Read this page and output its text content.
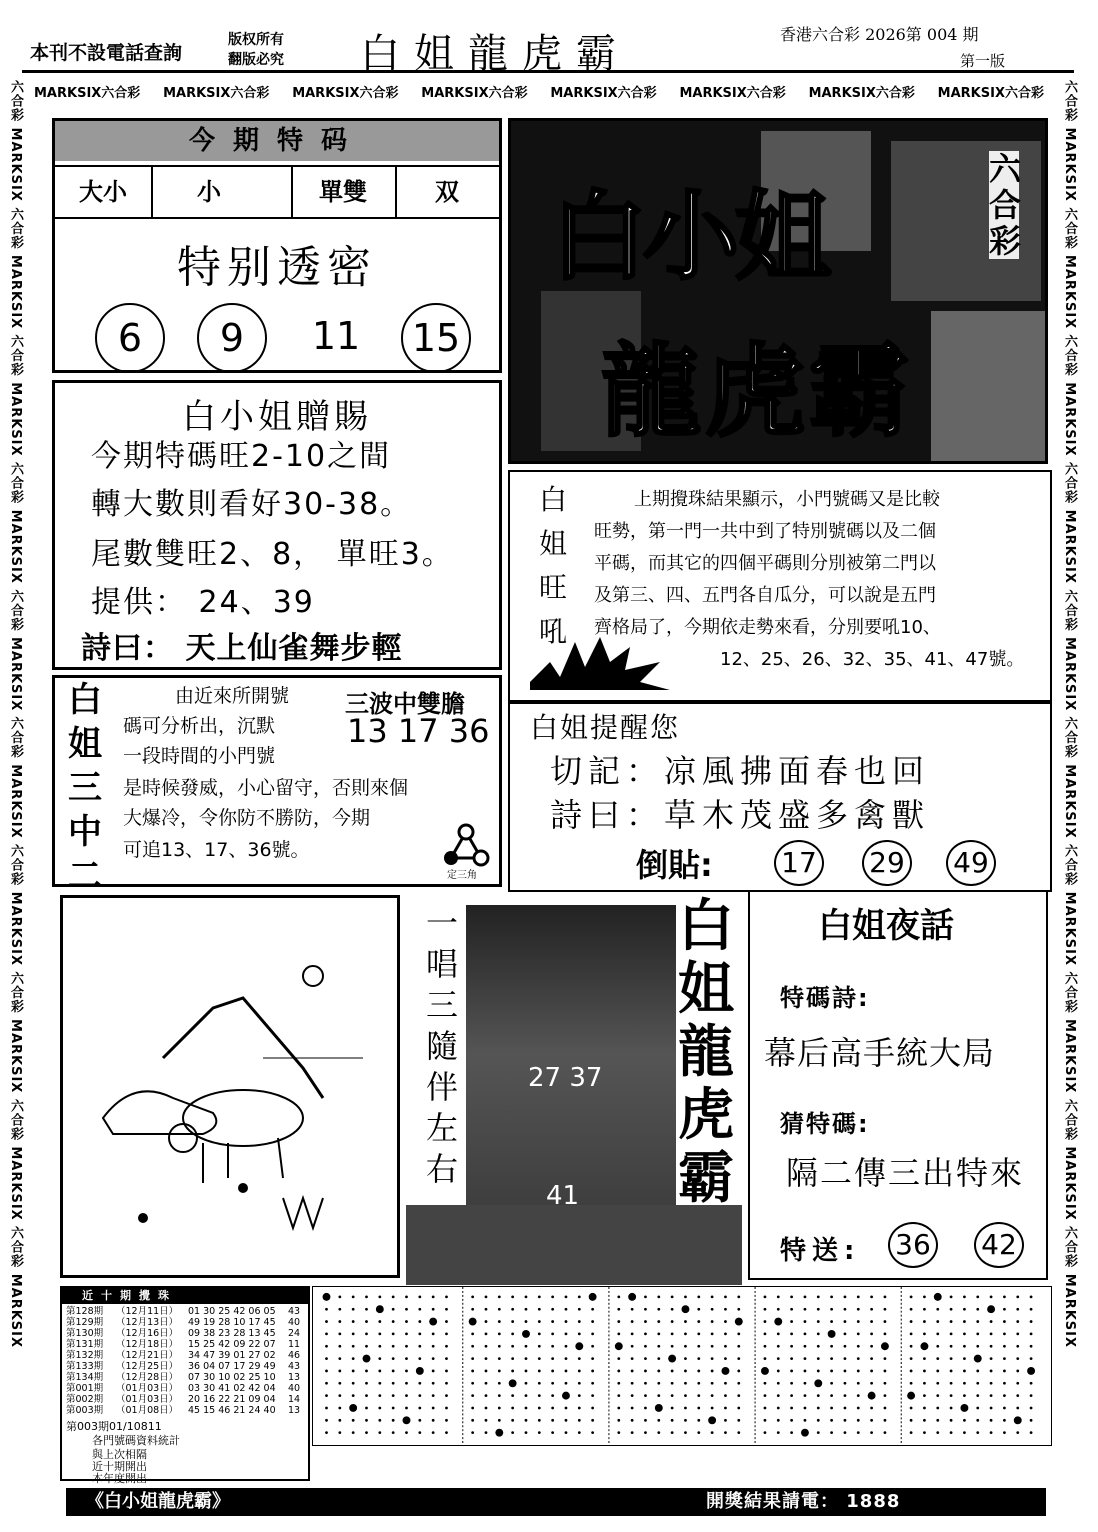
本刊不設電話查詢
版权所有
翻版必究 白姐龍虎霸	香港六合彩 2026第 004 期
第一版
MARKSIX六合彩 MARKSIX六合彩 MARKSIX六合彩 MARKSIX六合彩 MARKSIX六合彩 MARKSIX六合彩 MARKSIX六合彩 MARKSIX六合彩
六合彩 MARKSIX 六合彩 MARKSIX 六合彩 MARKSIX 六合彩 MARKSIX 六合彩 MARKSIX 六合彩 MARKSIX 六合彩 MARKSIX 六合彩 MARKSIX 六合彩 MARKSIX 六合彩 MARKSIX	六合彩 MARKSIX 六合彩 MARKSIX 六合彩 MARKSIX 六合彩 MARKSIX 六合彩 MARKSIX 六合彩 MARKSIX 六合彩 MARKSIX 六合彩 MARKSIX 六合彩 MARKSIX 六合彩 MARKSIX
今期特码
大小	小	單雙	双
特别透密
6	9	11 15
白小姐贈賜
今期特碼旺2-10之間
轉大數則看好30-38。
尾數雙旺2、8， 單旺3。
提供： 24、39
詩曰： 天上仙雀舞步輕
白姐三中二
三波中雙膽
13 17 36
由近來所開號
碼可分析出，沉默
一段時間的小門號
是時候發威，小心留守，否則來個
大爆冷，令你防不勝防，今期
可追13、17、36號。
定三角
白小姐
龍虎霸
六合彩
白姐旺吼
上期攪珠結果顯示，小門號碼又是比較
旺勢，第一門一共中到了特別號碼以及二個
平碼，而其它的四個平碼則分別被第二門以
及第三、四、五門各自瓜分，可以說是五門
齊格局了，今期依走勢來看，分別要吼10、
12、25、26、32、35、41、47號。
白姐提醒您
切記：凉風拂面春也回
詩曰：草木茂盛多禽獸
倒貼: 17 29 49
一唱三隨伴左右
白姐龍虎霸
27 37
41
白姐夜話
特碼詩:
幕后高手統大局
猜特碼:
隔二傳三出特來
特送: 36 42
近十期攪珠
第128期 （12月11日） 01 30 25 42 06 05 43
第129期 （12月13日） 49 19 28 10 17 45 40
第130期 （12月16日） 09 38 23 28 13 45 24
第131期 （12月18日） 15 25 42 09 22 07 11
第132期 （12月21日） 34 47 39 01 27 02 46
第133期 （12月25日） 36 04 07 17 29 49 43
第134期 （12月28日） 07 30 10 02 25 10 13
第001期 （01月03日） 03 30 41 02 42 04 40
第002期 （01月03日） 20 16 22 21 09 04 14
第003期 （01月08日） 45 15 46 21 24 40 13
第003期01/10811
各門號碼資料統計
與上次相隔
近十期開出
本年度開出
《白小姐龍虎霸》	開獎結果請電： 1888
